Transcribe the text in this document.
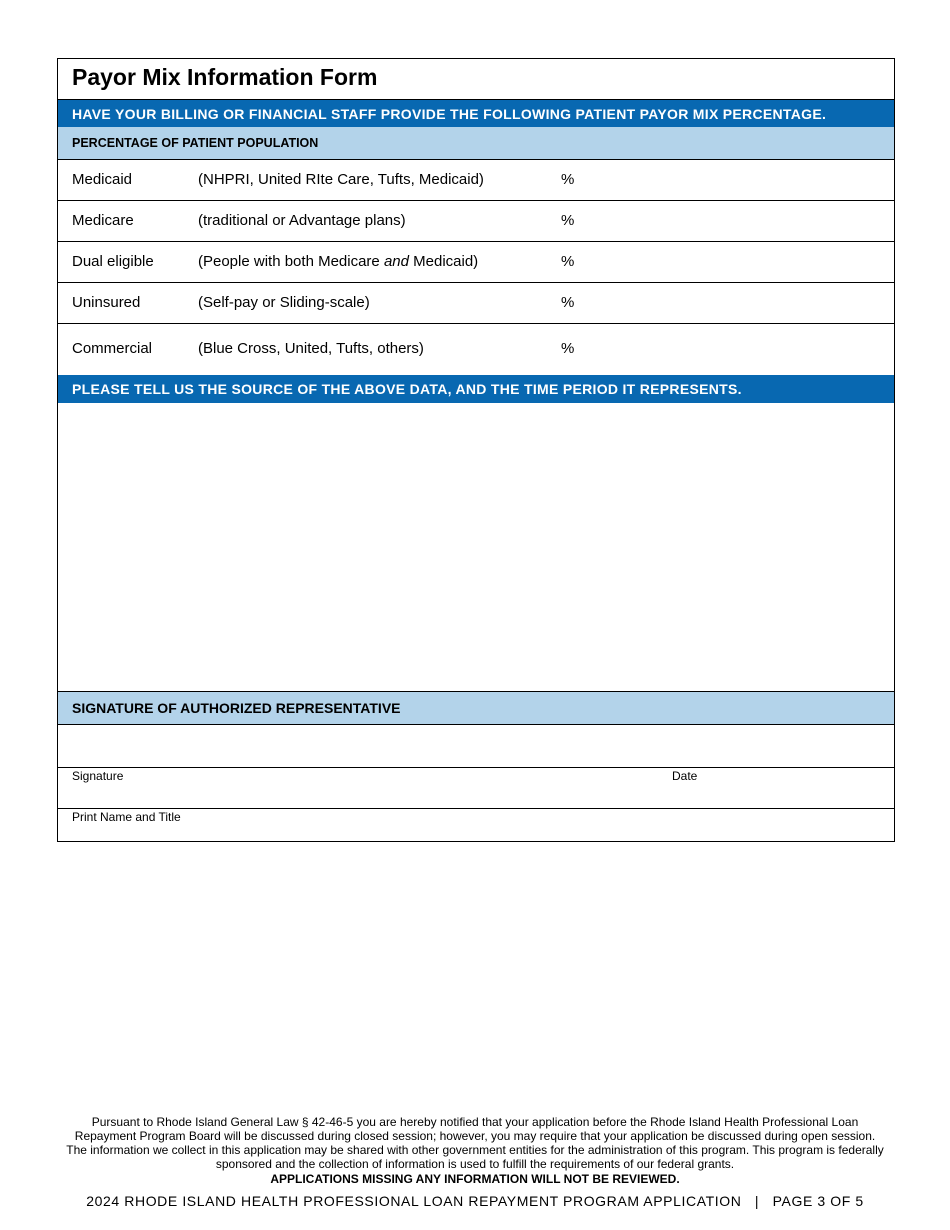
Payor Mix Information Form
HAVE YOUR BILLING OR FINANCIAL STAFF PROVIDE THE FOLLOWING PATIENT PAYOR MIX PERCENTAGE.
PERCENTAGE OF PATIENT POPULATION
Medicaid	(NHPRI, United RIte Care, Tufts, Medicaid)	%
Medicare	(traditional or Advantage plans)	%
Dual eligible	(People with both Medicare and Medicaid)	%
Uninsured	(Self-pay or Sliding-scale)	%
Commercial	(Blue Cross, United, Tufts, others)	%
PLEASE TELL US THE SOURCE OF THE ABOVE DATA, AND THE TIME PERIOD IT REPRESENTS.
SIGNATURE OF AUTHORIZED REPRESENTATIVE
Signature	Date
Print Name and Title
Pursuant to Rhode Island General Law § 42-46-5 you are hereby notified that your application before the Rhode Island Health Professional Loan
Repayment Program Board will be discussed during closed session; however, you may require that your application be discussed during open session.
The information we collect in this application may be shared with other government entities for the administration of this program. This program is federally
sponsored and the collection of information is used to fulfill the requirements of our federal grants.
APPLICATIONS MISSING ANY INFORMATION WILL NOT BE REVIEWED.
2024 RHODE ISLAND HEALTH PROFESSIONAL LOAN REPAYMENT PROGRAM APPLICATION   |   PAGE 3 OF 5
